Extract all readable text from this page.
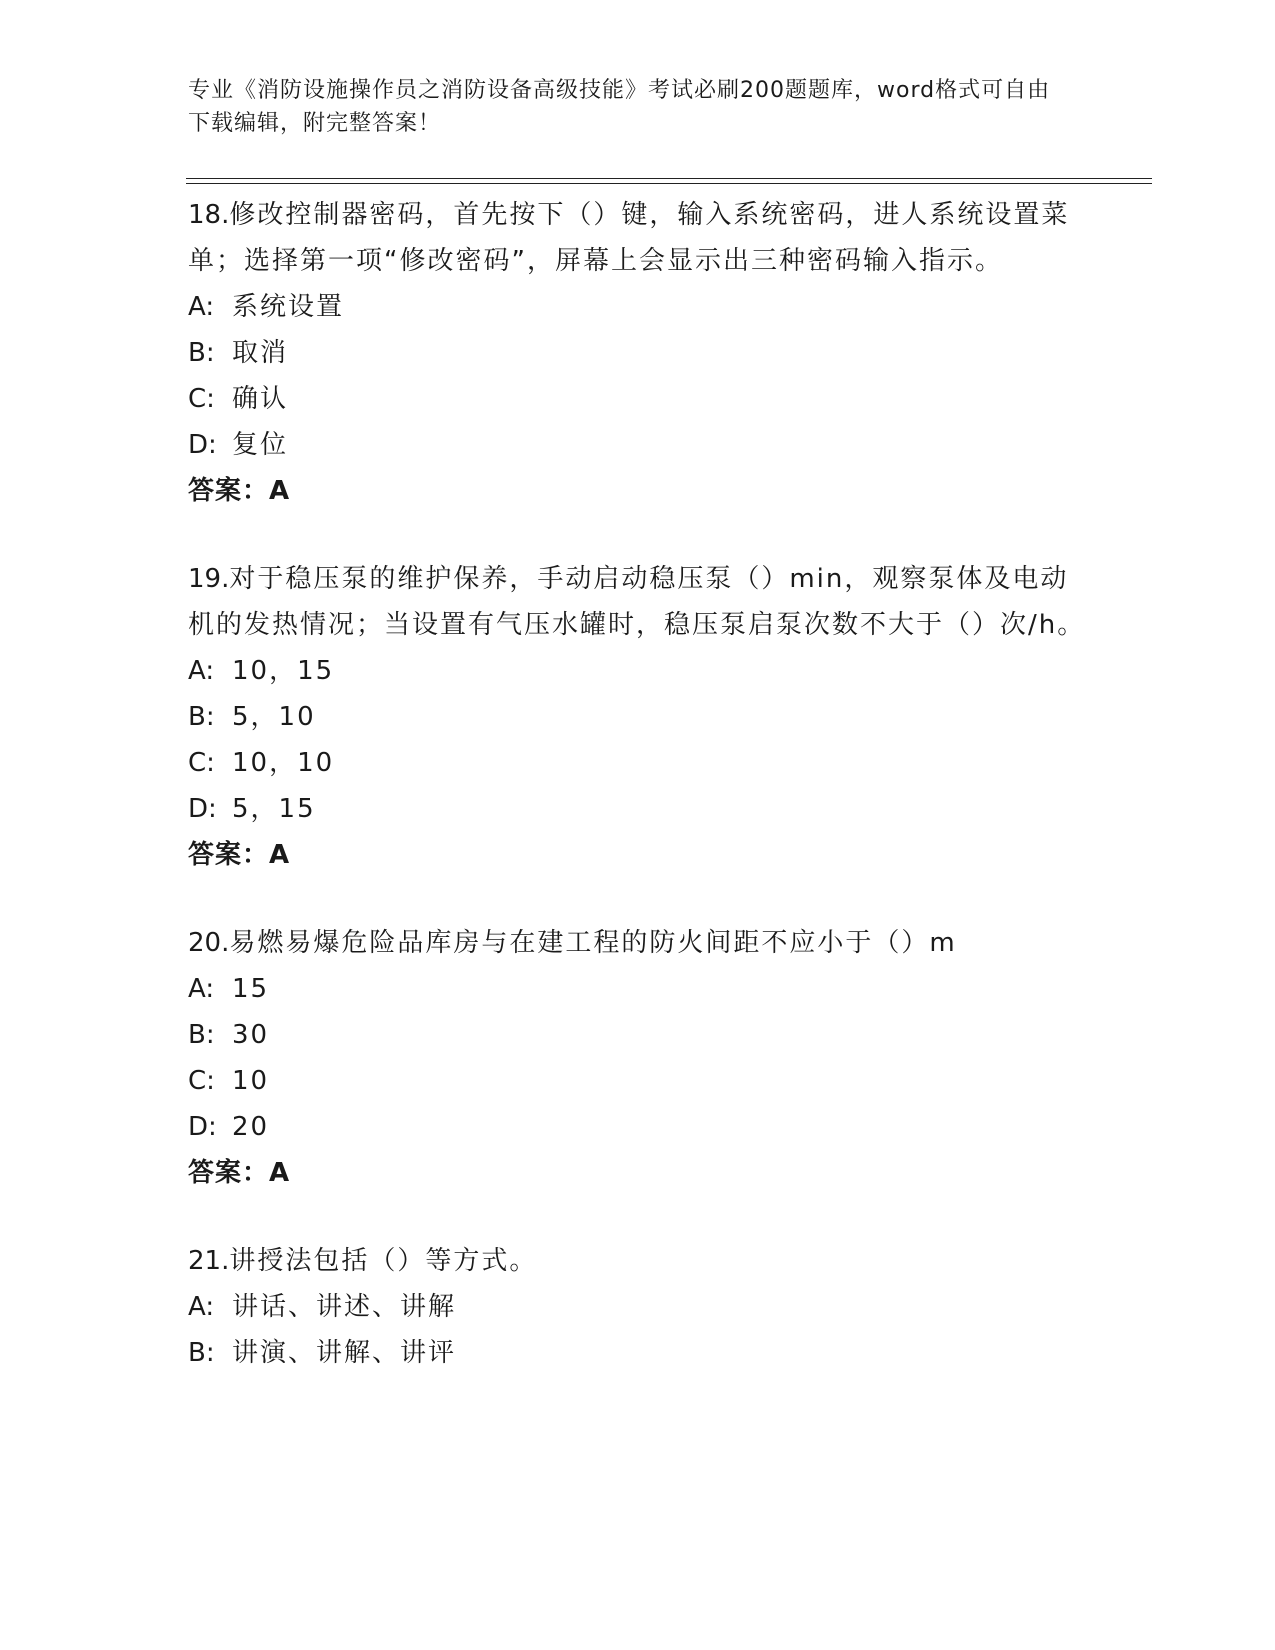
专业《消防设施操作员之消防设备高级技能》考试必刷200题题库，word格式可自由下载编辑，附完整答案！
18.修改控制器密码，首先按下（）键，输入系统密码，进人系统设置菜单；选择第一项“修改密码”，屏幕上会显示出三种密码输入指示。
A: 系统设置
B: 取消
C: 确认
D: 复位
答案：A
19.对于稳压泵的维护保养，手动启动稳压泵（）min，观察泵体及电动机的发热情况；当设置有气压水罐时，稳压泵启泵次数不大于（）次/h。
A: 10，15
B: 5，10
C: 10，10
D: 5，15
答案：A
20.易燃易爆危险品库房与在建工程的防火间距不应小于（）m
A: 15
B: 30
C: 10
D: 20
答案：A
21.讲授法包括（）等方式。
A: 讲话、讲述、讲解
B: 讲演、讲解、讲评
